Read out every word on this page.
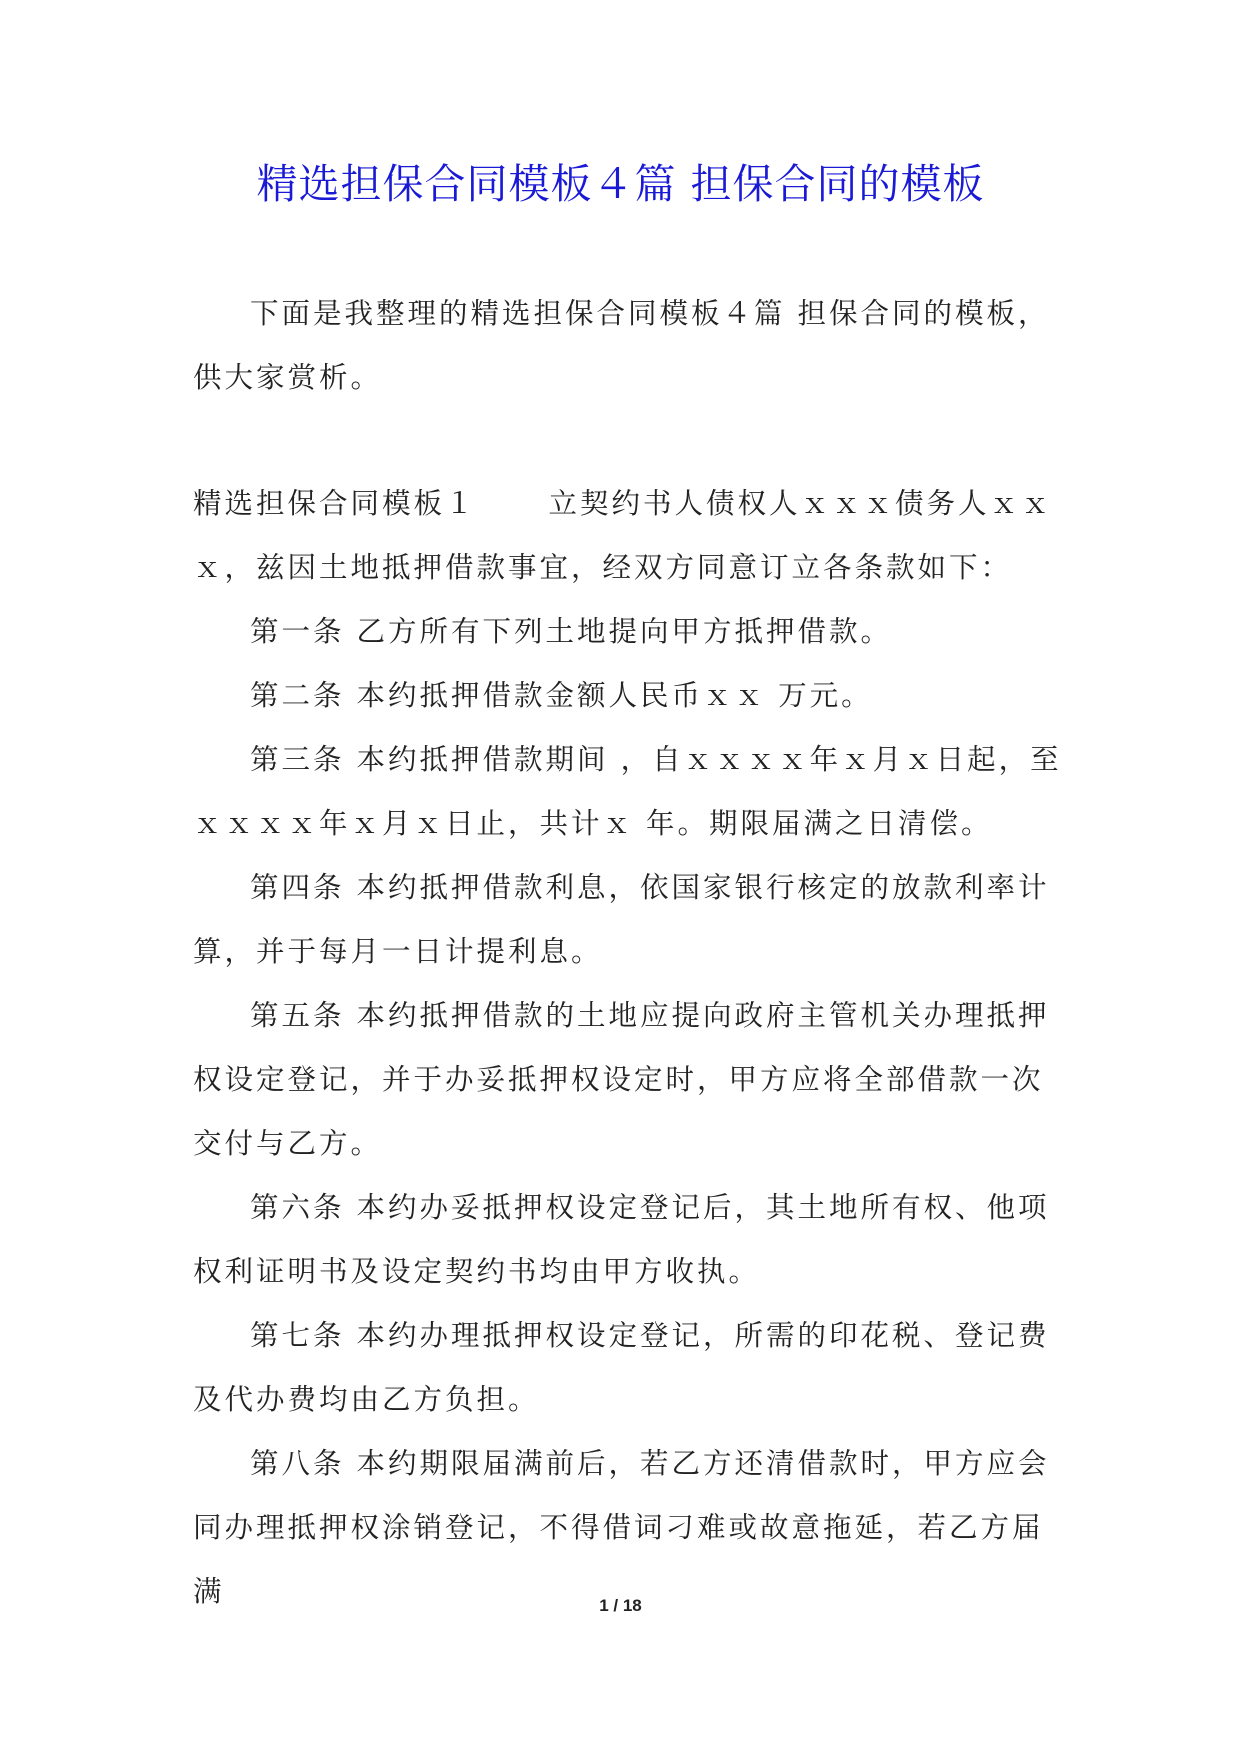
精选担保合同模板４篇 担保合同的模板

下面是我整理的精选担保合同模板４篇 担保合同的模板，供大家赏析。

精选担保合同模板１	立契约书人债权人ｘｘｘ债务人ｘｘｘ，兹因土地抵押借款事宜，经双方同意订立各条款如下：

第一条 乙方所有下列土地提向甲方抵押借款。

第二条 本约抵押借款金额人民币ｘｘ 万元。

第三条 本约抵押借款期间 ，自ｘｘｘｘ年ｘ月ｘ日起，至ｘｘｘｘ年ｘ月ｘ日止，共计ｘ 年。期限届满之日清偿。

第四条 本约抵押借款利息，依国家银行核定的放款利率计算，并于每月一日计提利息。

第五条 本约抵押借款的土地应提向政府主管机关办理抵押权设定登记，并于办妥抵押权设定时，甲方应将全部借款一次交付与乙方。

第六条 本约办妥抵押权设定登记后，其土地所有权、他项权利证明书及设定契约书均由甲方收执。

第七条 本约办理抵押权设定登记，所需的印花税、登记费及代办费均由乙方负担。

第八条 本约期限届满前后，若乙方还清借款时，甲方应会同办理抵押权涂销登记，不得借词刁难或故意拖延，若乙方届满	1 / 18
